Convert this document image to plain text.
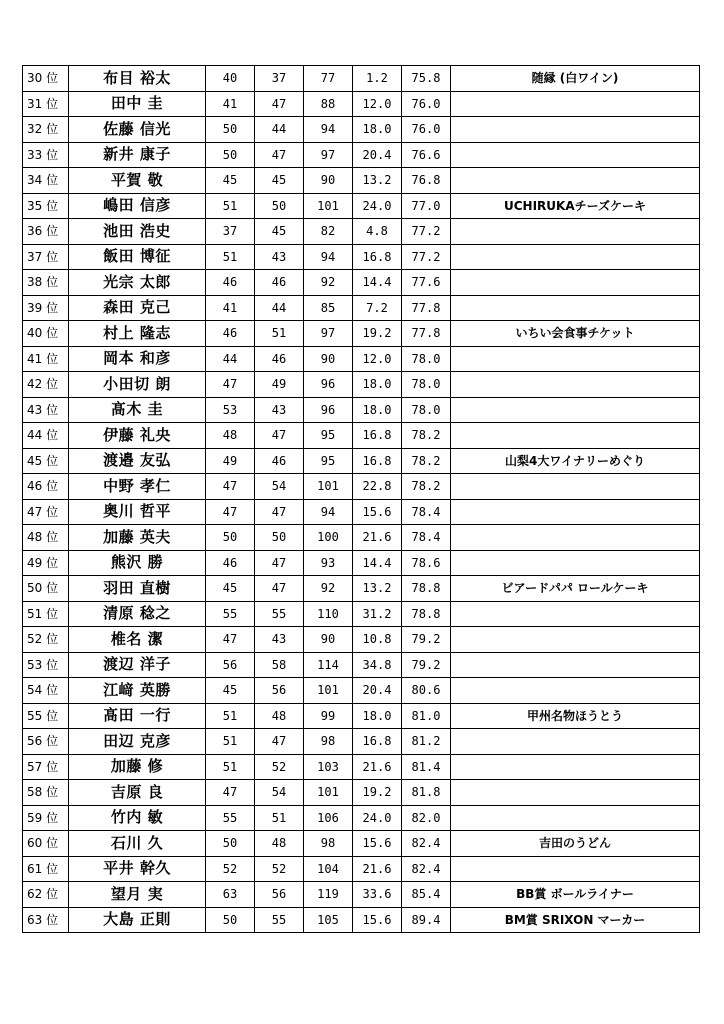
30 位	布目 裕太	40	37	77	1.2	75.8	随縁 (白ワイン)
31 位	田中 圭	41	47	88	12.0	76.0	
32 位	佐藤 信光	50	44	94	18.0	76.0	
33 位	新井 康子	50	47	97	20.4	76.6	
34 位	平賀 敬	45	45	90	13.2	76.8	
35 位	嶋田 信彦	51	50	101	24.0	77.0	UCHIRUKAチーズケーキ
36 位	池田 浩史	37	45	82	4.8	77.2	
37 位	飯田 博征	51	43	94	16.8	77.2	
38 位	光宗 太郎	46	46	92	14.4	77.6	
39 位	森田 克己	41	44	85	7.2	77.8	
40 位	村上 隆志	46	51	97	19.2	77.8	いちい会食事チケット
41 位	岡本 和彦	44	46	90	12.0	78.0	
42 位	小田切 朗	47	49	96	18.0	78.0	
43 位	髙木 圭	53	43	96	18.0	78.0	
44 位	伊藤 礼央	48	47	95	16.8	78.2	
45 位	渡邉 友弘	49	46	95	16.8	78.2	山梨4大ワイナリーめぐり
46 位	中野 孝仁	47	54	101	22.8	78.2	
47 位	奥川 哲平	47	47	94	15.6	78.4	
48 位	加藤 英夫	50	50	100	21.6	78.4	
49 位	熊沢 勝	46	47	93	14.4	78.6	
50 位	羽田 直樹	45	47	92	13.2	78.8	ビアードパパ ロールケーキ
51 位	清原 稔之	55	55	110	31.2	78.8	
52 位	椎名 潔	47	43	90	10.8	79.2	
53 位	渡辺 洋子	56	58	114	34.8	79.2	
54 位	江﨑 英勝	45	56	101	20.4	80.6	
55 位	髙田 一行	51	48	99	18.0	81.0	甲州名物ほうとう
56 位	田辺 克彦	51	47	98	16.8	81.2	
57 位	加藤 修	51	52	103	21.6	81.4	
58 位	吉原 良	47	54	101	19.2	81.8	
59 位	竹内 敏	55	51	106	24.0	82.0	
60 位	石川 久	50	48	98	15.6	82.4	吉田のうどん
61 位	平井 幹久	52	52	104	21.6	82.4	
62 位	望月 実	63	56	119	33.6	85.4	BB賞 ボールライナー
63 位	大島 正則	50	55	105	15.6	89.4	BM賞 SRIXON マーカー
